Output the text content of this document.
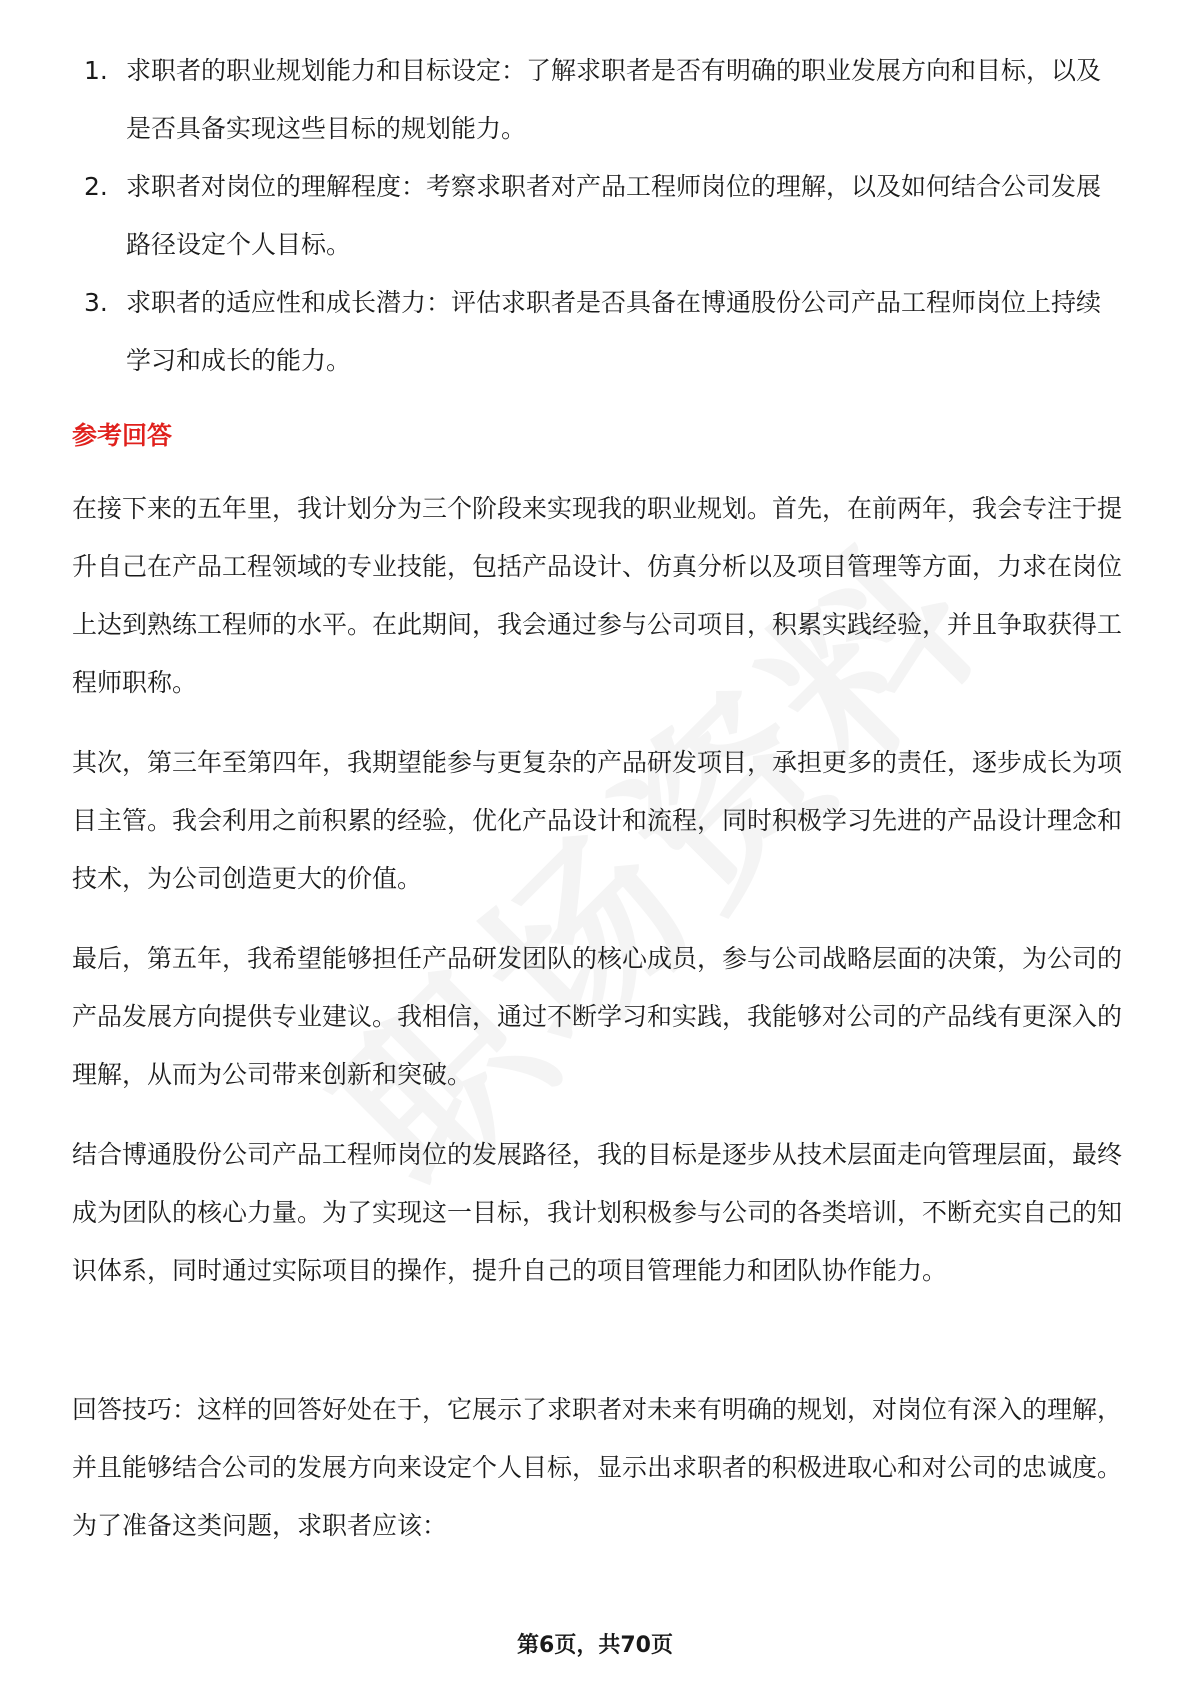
1. 求职者的职业规划能力和目标设定：了解求职者是否有明确的职业发展方向和目标，以及是否具备实现这些目标的规划能力。
2. 求职者对岗位的理解程度：考察求职者对产品工程师岗位的理解，以及如何结合公司发展路径设定个人目标。
3. 求职者的适应性和成长潜力：评估求职者是否具备在博通股份公司产品工程师岗位上持续学习和成长的能力。
参考回答

在接下来的五年里，我计划分为三个阶段来实现我的职业规划。首先，在前两年，我会专注于提升自己在产品工程领域的专业技能，包括产品设计、仿真分析以及项目管理等方面，力求在岗位上达到熟练工程师的水平。在此期间，我会通过参与公司项目，积累实践经验，并且争取获得工程师职称。

其次，第三年至第四年，我期望能参与更复杂的产品研发项目，承担更多的责任，逐步成长为项目主管。我会利用之前积累的经验，优化产品设计和流程，同时积极学习先进的产品设计理念和技术，为公司创造更大的价值。

最后，第五年，我希望能够担任产品研发团队的核心成员，参与公司战略层面的决策，为公司的产品发展方向提供专业建议。我相信，通过不断学习和实践，我能够对公司的产品线有更深入的理解，从而为公司带来创新和突破。

结合博通股份公司产品工程师岗位的发展路径，我的目标是逐步从技术层面走向管理层面，最终成为团队的核心力量。为了实现这一目标，我计划积极参与公司的各类培训，不断充实自己的知识体系，同时通过实际项目的操作，提升自己的项目管理能力和团队协作能力。

回答技巧：这样的回答好处在于，它展示了求职者对未来有明确的规划，对岗位有深入的理解，并且能够结合公司的发展方向来设定个人目标，显示出求职者的积极进取心和对公司的忠诚度。为了准备这类问题，求职者应该：

第6页，共70页
